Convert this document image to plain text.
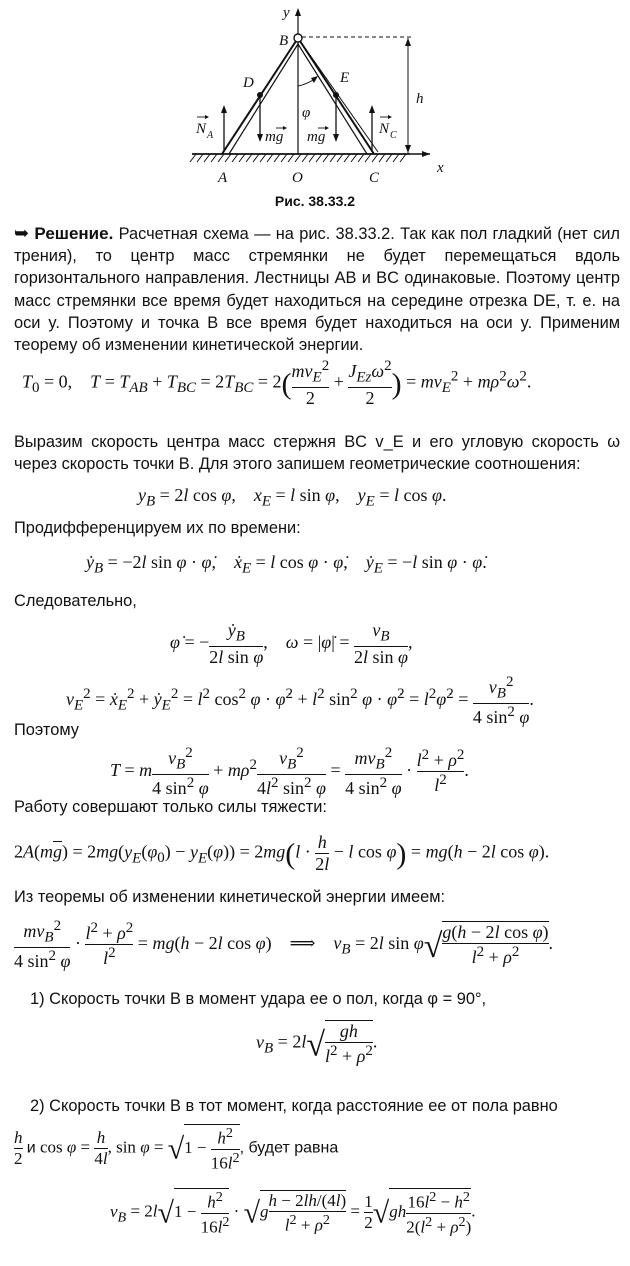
y
x
B
D	E
A	O	C
h
φ
N A	N C
mg mg
Рис. 38.33.2
➥ Решение. Расчетная схема — на рис. 38.33.2. Так как пол гладкий (нет сил трения), то центр масс стремянки не будет перемещаться вдоль горизонтального направления. Лестницы AB и BC одинаковые. Поэтому центр масс стремянки все время будет находиться на середине отрезка DE, т. е. на оси y. Поэтому и точка B все время будет находиться на оси y. Применим теорему об изменении кинетической энергии.
$T_0 = 0$,    $T = T_{AB} + T_{BC} = 2T_{BC} = 2$( $mv_E^2$
2
+
$J_{Ez}\omega^2$
2 ) = $mv_E^2 + m\rho^2\omega^2$.
Выразим скорость центра масс стержня BC v_E и его угловую скорость ω через скорость точки B. Для этого запишем геометрические соотношения:
$y_B = 2l$ cos φ,    $x_E = l$ sin φ,    $y_E = l$ cos φ.
Продифференцируем их по времени:
ẏ$_B$ = −2l sin φ · φ̇,    ẋ$_E$ = l cos φ · φ̇,    ẏ$_E$ = −l sin φ · φ̇.
Следовательно,
φ̇ = − $\frac{ẏ_B}{\text{2l sin φ}}$ ,    ω = |φ̇| = $\frac{v_B}{\text{2l sin φ}}$ ,
$v_E^2$ = ẋ$_E^2$ + ẏ$_E^2$ = $l^2$ $\cos^2 \varphi$ · φ̇$^2$ + $l^2$ $\sin^2 \varphi$ · φ̇$^2$ = $l^2\varphi̇^2 = \frac{v_B^2}{4 \sin^2 \varphi}$ .
Поэтому
T = m $\frac{v_B^2}{4 \sin^2 \varphi} + m\rho^2 \frac{v_B^2}{4l^2 \sin^2 \varphi}$ =
$mv_B^2$
4 $\sin^2 \varphi$
· $\frac{l^2 + \rho^2}{l^2}$ .
Работу совершают только силы тяжести:
$2A(m\overline{g}) = 2mg(y_E(\varphi_0) - y_E(\varphi)) = 2mg(l \cdot \frac{h}{2l} - l$ cos φ) = mg(h − 2l cos φ).
Из теоремы об изменении кинетической энергии имеем:
$mv_B^2$
4 $\sin^2 \varphi$
· $\frac{l^2 + \rho^2}{l^2} = mg(h - 2l$ cos φ)    ⟹    $v_B = 2l$ $\sin \varphi√ \frac{\text{g(h − 2l cos φ)}}{l^2 + \rho^2}$ .
1) Скорость точки B в момент удара ее о пол, когда φ = 90°,
$v_B = 2l√ \frac{gh}{l^2 + \rho^2}$ .
2) Скорость точки B в тот момент, когда расстояние ее от пола равно
$\frac{h}{2}$ и $\cos \varphi = \frac{h}{4l}$ , sin φ = √ $1 - \frac{h^2}{16l^2}$ , будет равна
$v_B = 2l√1 - \frac{h^2}{16l^2} \cdot √g \frac{h - 2lh/(4l)}{l^2 + \rho^2} = \frac{1}{2} √gh \frac{16l^2 - h^2}{2(l^2 + \rho^2)}$ .
